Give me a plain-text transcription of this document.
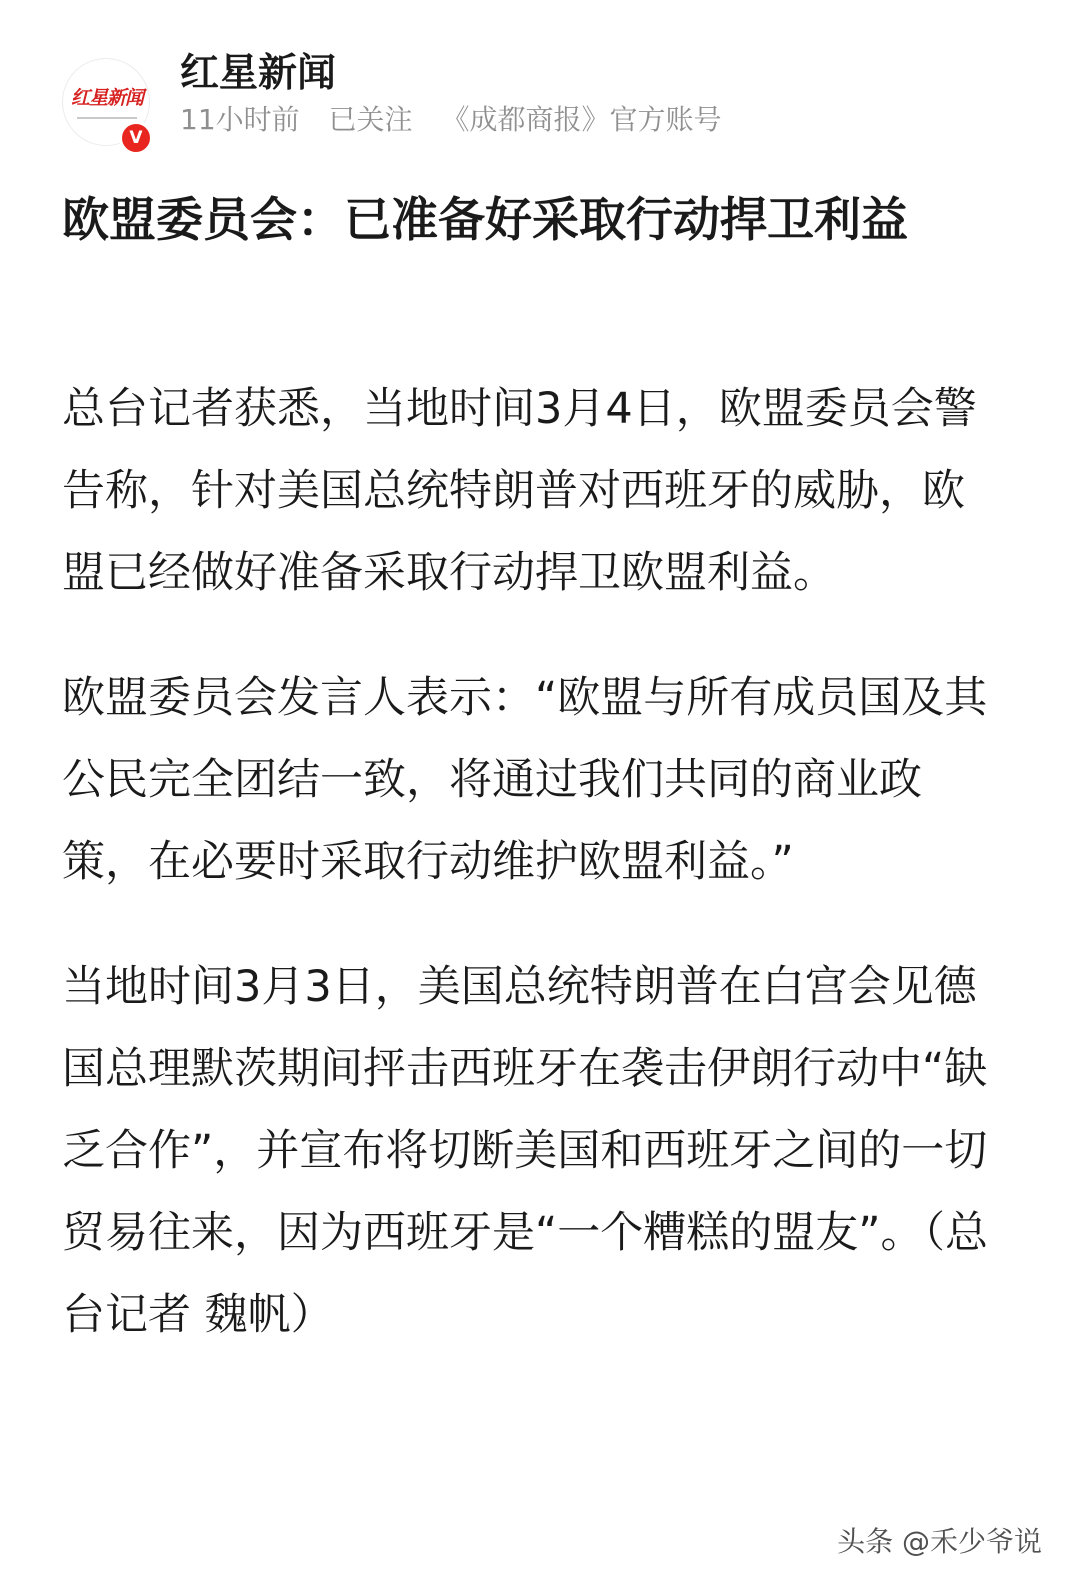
红星新闻
V
红星新闻
11小时前 已关注 《成都商报》官方账号
欧盟委员会：已准备好采取行动捍卫利益

总台记者获悉，当地时间3月4日，欧盟委员会警告称，针对美国总统特朗普对西班牙的威胁，欧盟已经做好准备采取行动捍卫欧盟利益。

欧盟委员会发言人表示：“欧盟与所有成员国及其公民完全团结一致，将通过我们共同的商业政策，在必要时采取行动维护欧盟利益。”

当地时间3月3日，美国总统特朗普在白宫会见德国总理默茨期间抨击西班牙在袭击伊朗行动中“缺乏合作”，并宣布将切断美国和西班牙之间的一切贸易往来，因为西班牙是“一个糟糕的盟友”。（总台记者 魏帆）

头条 @禾少爷说
